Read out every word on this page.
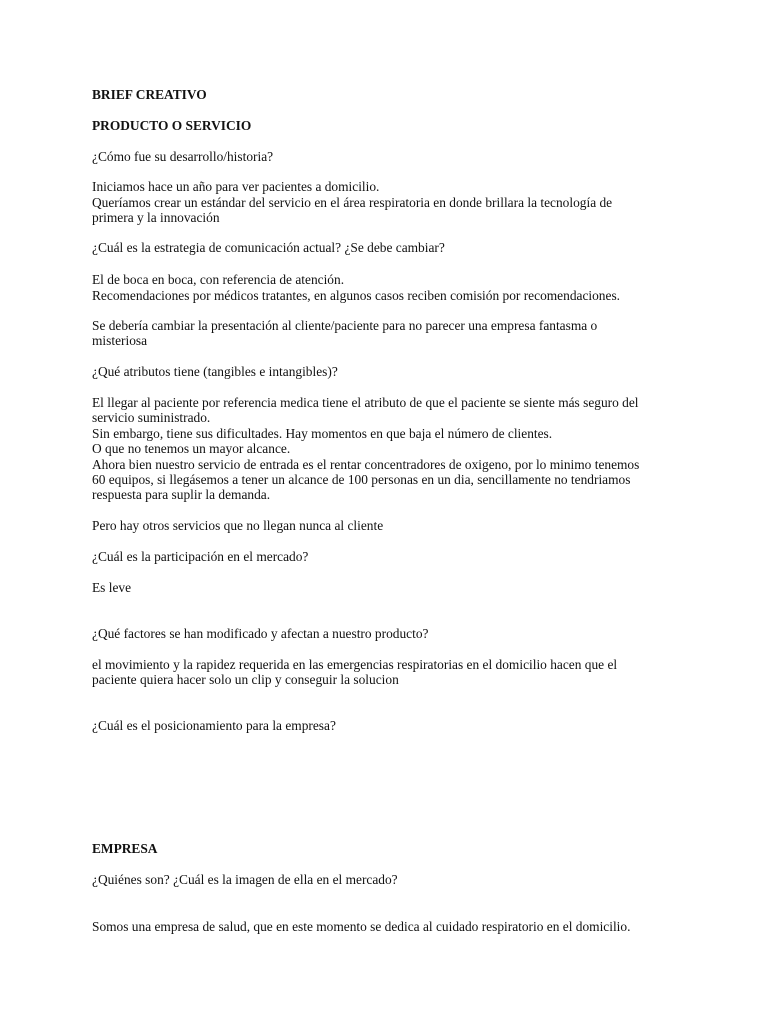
BRIEF CREATIVO
PRODUCTO O SERVICIO
¿Cómo fue su desarrollo/historia?
Iniciamos hace un año para ver pacientes a domicilio.
Queríamos crear un estándar del servicio en el área respiratoria en donde brillara la tecnología de
primera y la innovación
¿Cuál es la estrategia de comunicación actual? ¿Se debe cambiar?
El de boca en boca, con referencia de atención.
Recomendaciones por médicos tratantes, en algunos casos reciben comisión por recomendaciones.
Se debería cambiar la presentación al cliente/paciente para no parecer una empresa fantasma o
misteriosa
¿Qué atributos tiene (tangibles e intangibles)?
El llegar al paciente por referencia medica tiene el atributo de que el paciente se siente más seguro del
servicio suministrado.
Sin embargo, tiene sus dificultades. Hay momentos en que baja el número de clientes.
O que no tenemos un mayor alcance.
Ahora bien nuestro servicio de entrada es el rentar concentradores de oxigeno, por lo minimo tenemos
60 equipos, si llegásemos a tener un alcance de 100 personas en un dia, sencillamente no tendriamos
respuesta para suplir la demanda.
Pero hay otros servicios que no llegan nunca al cliente
¿Cuál es la participación en el mercado?
Es leve
¿Qué factores se han modificado y afectan a nuestro producto?
el movimiento y la rapidez requerida en las emergencias respiratorias en el domicilio hacen que el
paciente quiera hacer solo un clip y conseguir la solucion
¿Cuál es el posicionamiento para la empresa?
EMPRESA
¿Quiénes son? ¿Cuál es la imagen de ella en el mercado?
Somos una empresa de salud, que en este momento se dedica al cuidado respiratorio en el domicilio.
